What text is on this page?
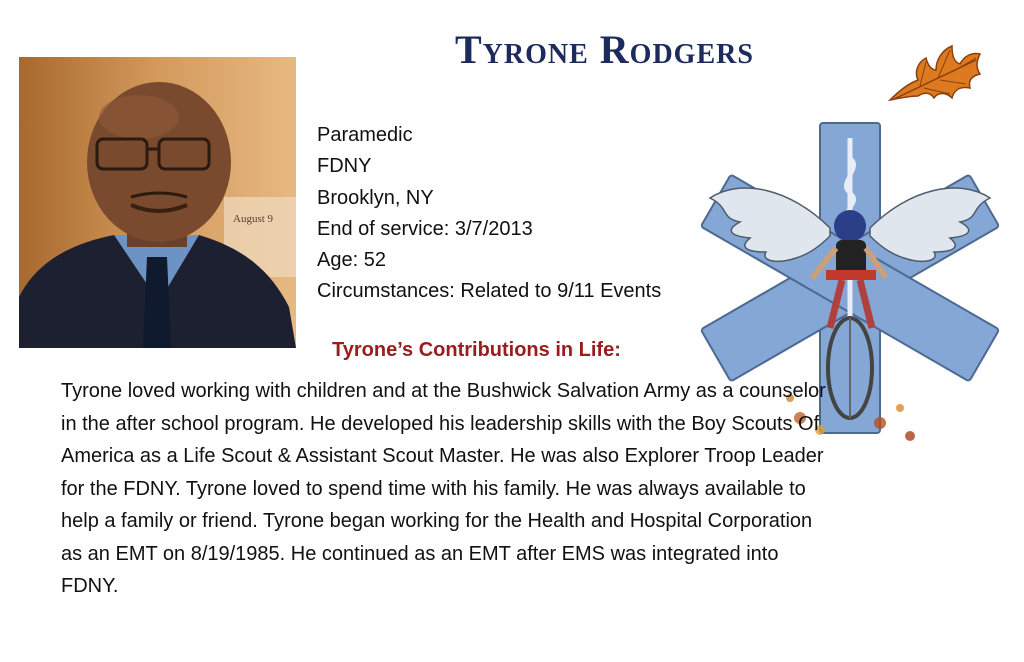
Tyrone Rodgers
August 9
Paramedic
FDNY
Brooklyn, NY
End of service: 3/7/2013
Age: 52
Circumstances: Related to 9/11 Events
Tyrone’s Contributions in Life:
Tyrone loved working with children and at the Bushwick Salvation Army as a counselor
in the after school program. He developed his leadership skills with the Boy Scouts Of
America as a Life Scout & Assistant Scout Master. He was also Explorer Troop Leader
for the FDNY. Tyrone loved to spend time with his family. He was always available to
help a family or friend. Tyrone began working for the Health and Hospital Corporation
as an EMT on 8/19/1985. He continued as an EMT after EMS was integrated into
FDNY.
